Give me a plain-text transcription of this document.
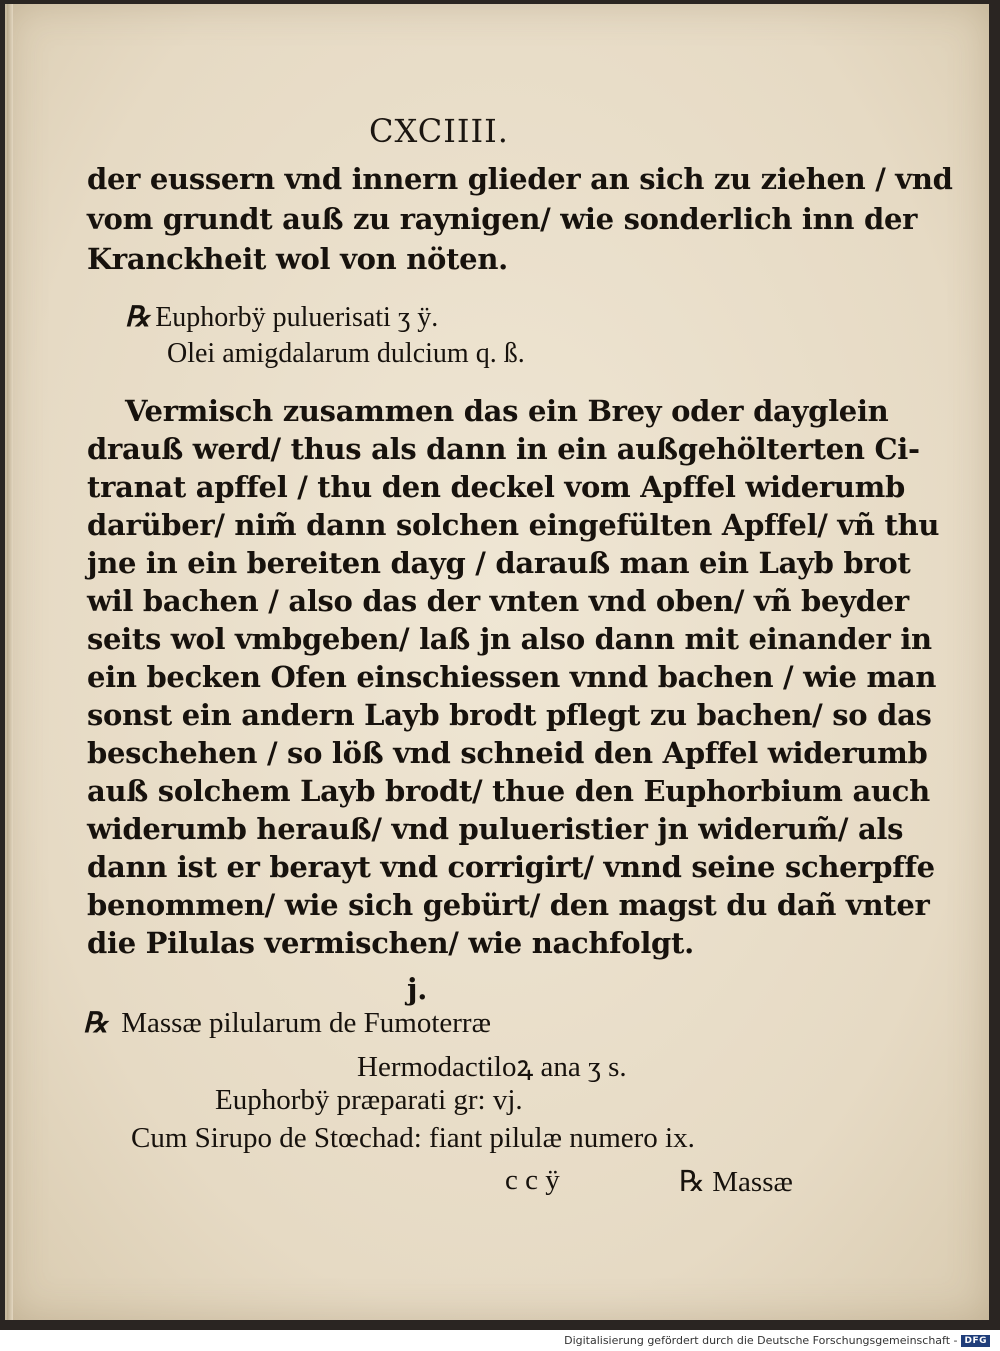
CXCIIII.
der eussern vnd innern glieder an sich zu ziehen / vnd
vom grundt auß zu raynigen/ wie sonderlich inn der
Kranckheit wol von nöten.
℞ Euphorbÿ puluerisati ʒ ÿ.
Olei amigdalarum dulcium q. ß.
Vermisch zusammen das ein Brey oder dayglein
drauß werd/ thus als dann in ein außgehölterten Ci-
tranat apffel / thu den deckel vom Apffel widerumb
darüber/ nim̃ dann solchen eingefülten Apffel/ vñ thu
jne in ein bereiten dayg / darauß man ein Layb brot
wil bachen / also das der vnten vnd oben/ vñ beyder
seits wol vmbgeben/ laß jn also dann mit einander in
ein becken Ofen einschiessen vnnd bachen / wie man
sonst ein andern Layb brodt pflegt zu bachen/ so das
beschehen / so löß vnd schneid den Apffel widerumb
auß solchem Layb brodt/ thue den Euphorbium auch
widerumb herauß/ vnd pulueristier jn widerum̃/ als
dann ist er berayt vnd corrigirt/ vnnd seine scherpffe
benommen/ wie sich gebürt/ den magst du dañ vnter
die Pilulas vermischen/ wie nachfolgt.
j.
℞ Massæ pilularum de Fumoterræ
Hermodactiloꝝ ana ʒ s.
Euphorbÿ præparati gr: vj.
Cum Sirupo de Stœchad: fiant pilulæ numero ix.
c c ÿ	℞ Massæ
Digitalisierung gefördert durch die Deutsche Forschungsgemeinschaft - DFG
